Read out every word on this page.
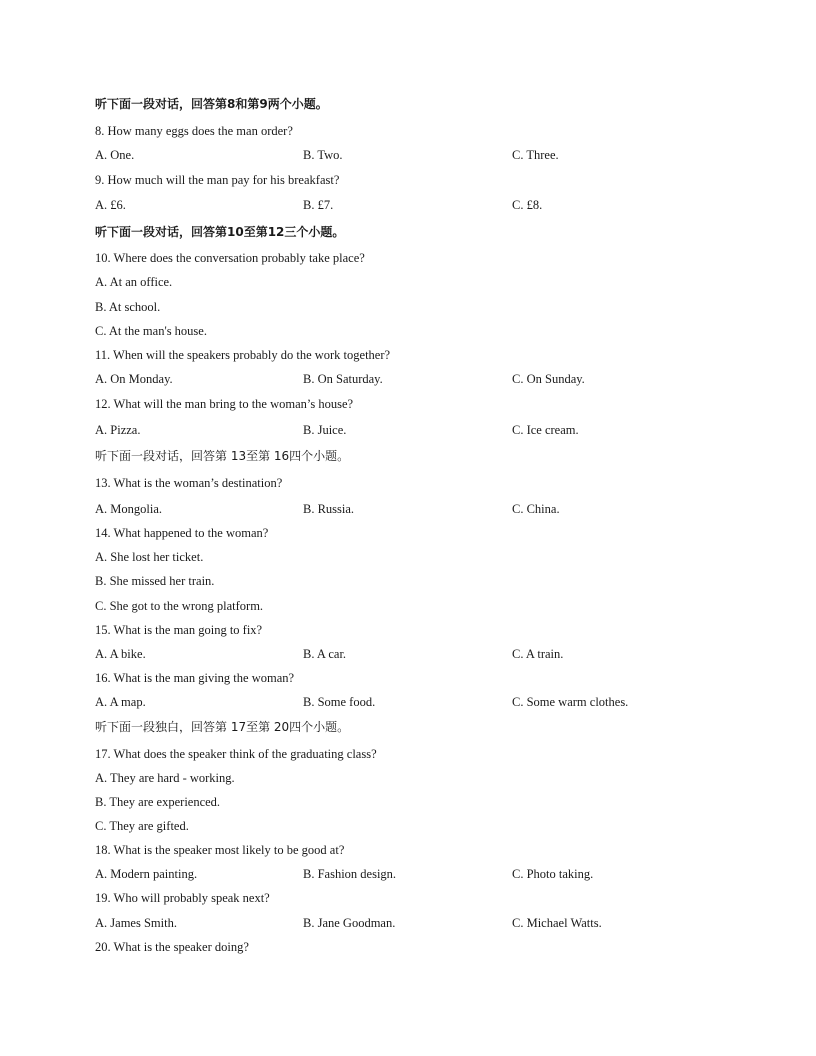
听下面一段对话，回答第8和第9两个小题。
8. How many eggs does the man order?
A. One.	B. Two.	C. Three.
9. How much will the man pay for his breakfast?
A. £6.	B. £7.	C. £8.
听下面一段对话，回答第10至第12三个小题。
10. Where does the conversation probably take place?
A. At an office.
B. At school.
C. At the man's house.
11. When will the speakers probably do the work together?
A. On Monday.	B. On Saturday.	C. On Sunday.
12. What will the man bring to the woman’s house?
A. Pizza.	B. Juice.	C. Ice cream.
听下面一段对话，回答第 13至第 16四个小题。
13. What is the woman’s destination?
A. Mongolia.	B. Russia.	C. China.
14. What happened to the woman?
A. She lost her ticket.
B. She missed her train.
C. She got to the wrong platform.
15. What is the man going to fix?
A. A bike.	B. A car.	C. A train.
16. What is the man giving the woman?
A. A map.	B. Some food.	C. Some warm clothes.
听下面一段独白，回答第 17至第 20四个小题。
17. What does the speaker think of the graduating class?
A. They are hard - working.
B. They are experienced.
C. They are gifted.
18. What is the speaker most likely to be good at?
A. Modern painting.	B. Fashion design.	C. Photo taking.
19. Who will probably speak next?
A. James Smith.	B. Jane Goodman.	C. Michael Watts.
20. What is the speaker doing?
